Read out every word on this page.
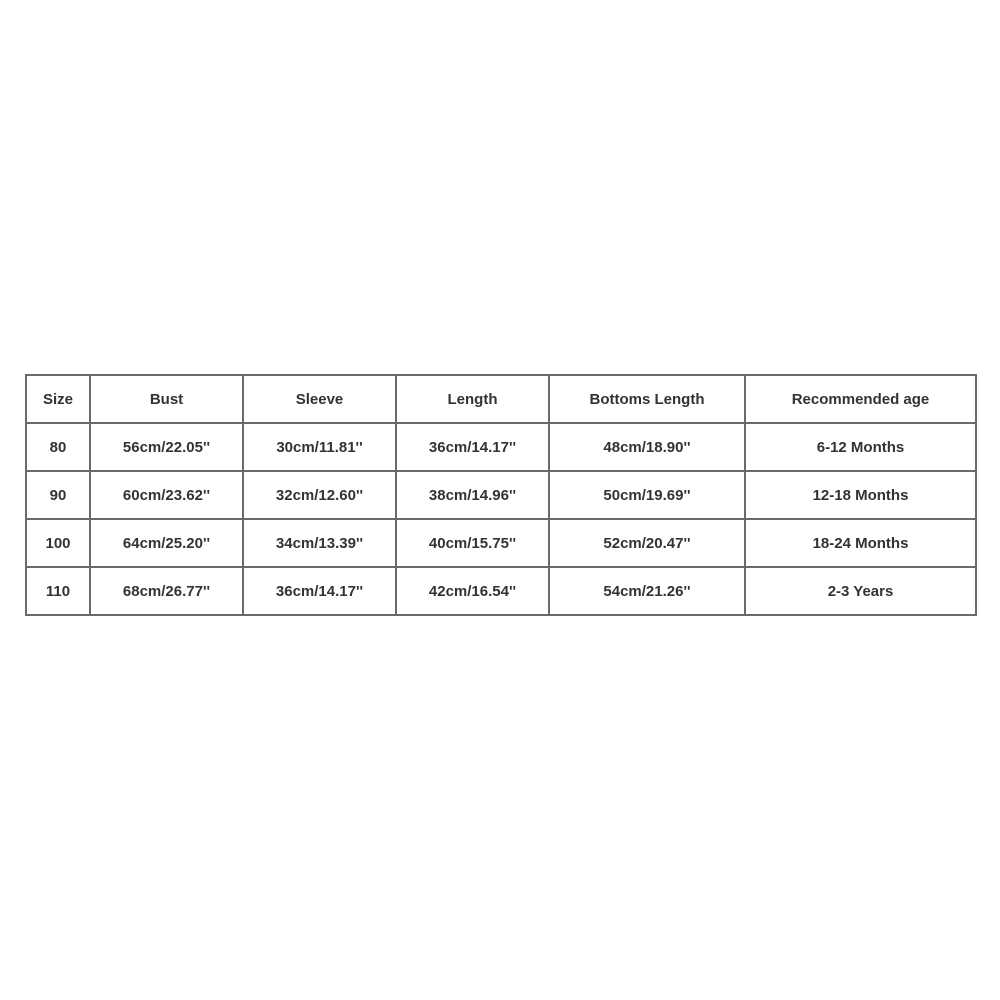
Size	Bust	Sleeve	Length	Bottoms Length	Recommended age
80	56cm/22.05''	30cm/11.81''	36cm/14.17''	48cm/18.90''	6-12 Months
90	60cm/23.62''	32cm/12.60''	38cm/14.96''	50cm/19.69''	12-18 Months
100	64cm/25.20''	34cm/13.39''	40cm/15.75''	52cm/20.47''	18-24 Months
110	68cm/26.77''	36cm/14.17''	42cm/16.54''	54cm/21.26''	2-3 Years
